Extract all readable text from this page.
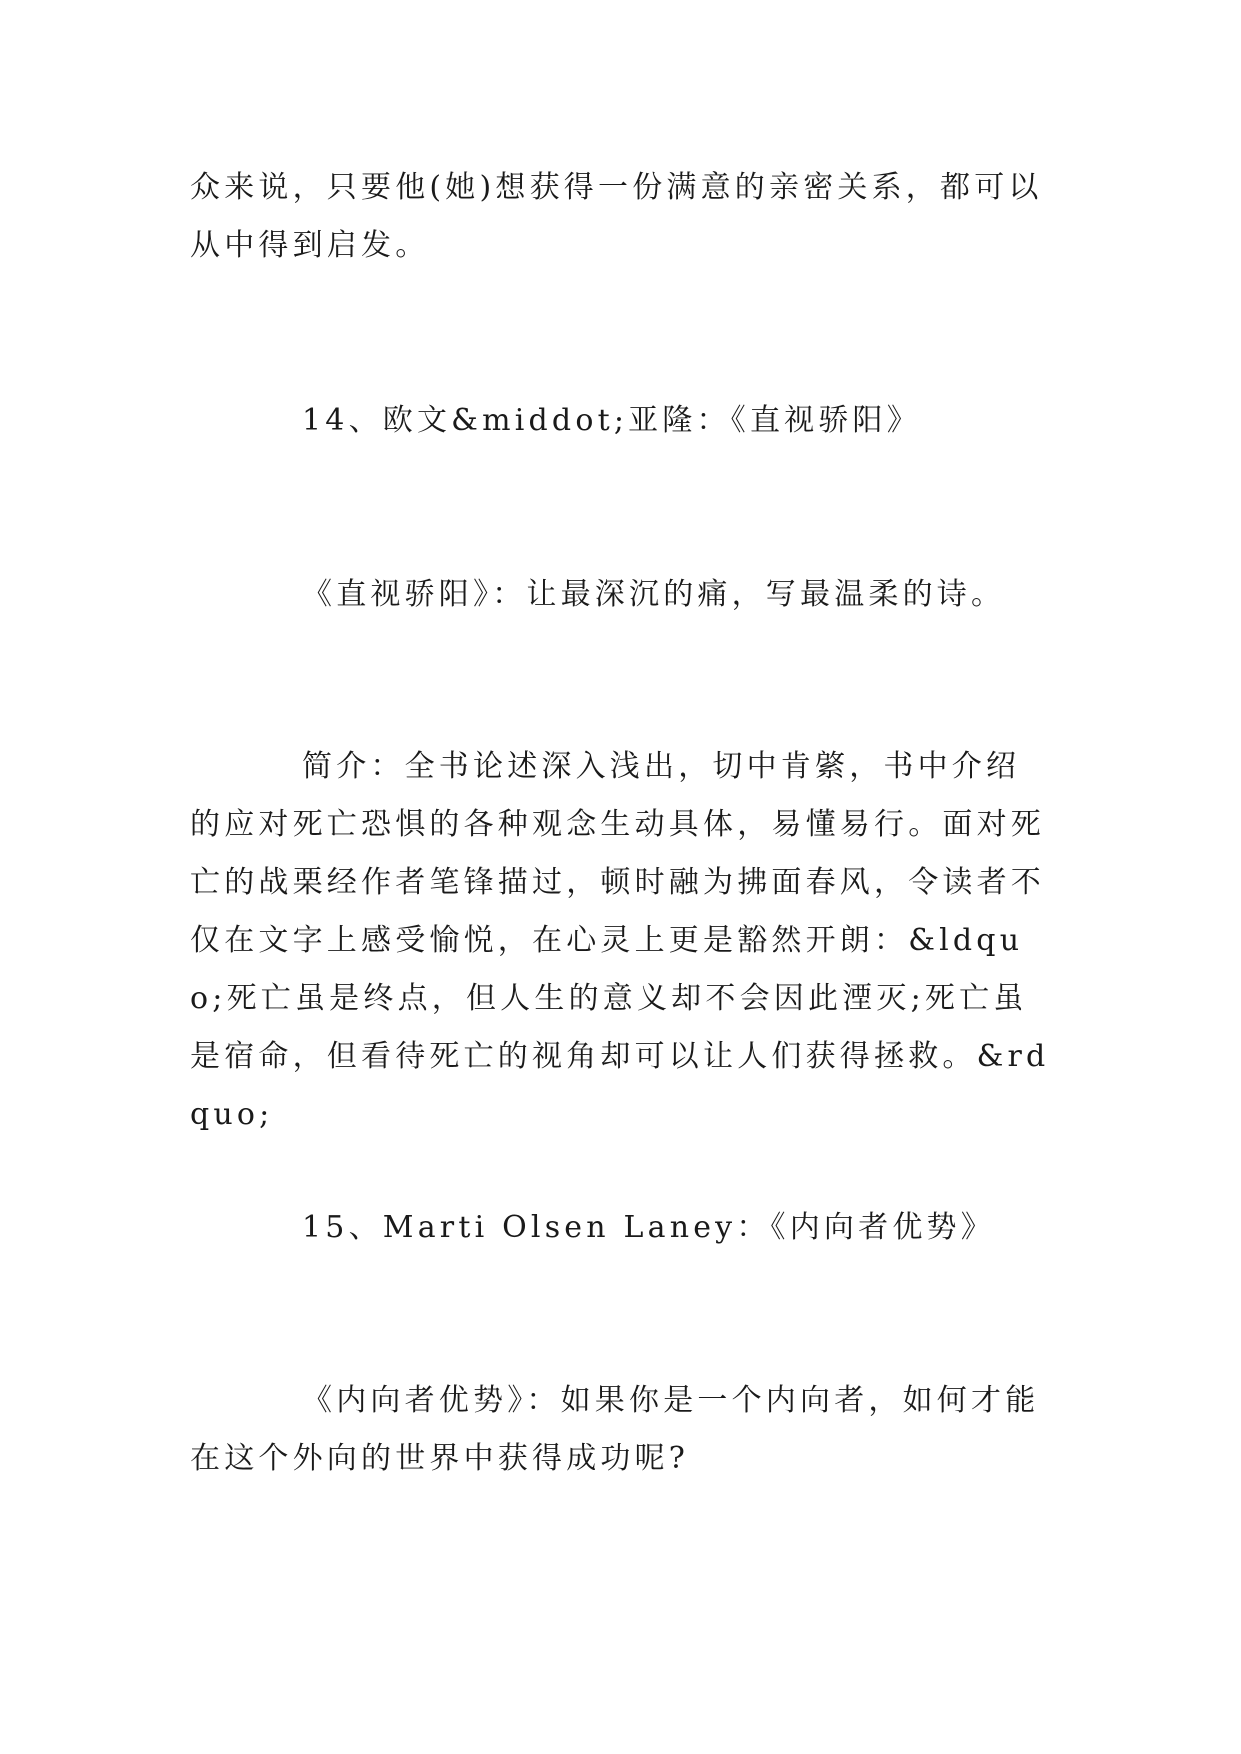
众来说，只要他(她)想获得一份满意的亲密关系，都可以从中得到启发。

14、欧文&middot;亚隆：《直视骄阳》

《直视骄阳》：让最深沉的痛，写最温柔的诗。

简介：全书论述深入浅出，切中肯綮，书中介绍的应对死亡恐惧的各种观念生动具体，易懂易行。面对死亡的战栗经作者笔锋描过，顿时融为拂面春风，令读者不仅在文字上感受愉悦，在心灵上更是豁然开朗：&ldquo;死亡虽是终点，但人生的意义却不会因此湮灭;死亡虽是宿命，但看待死亡的视角却可以让人们获得拯救。&rdquo;

15、Marti Olsen Laney：《内向者优势》

《内向者优势》：如果你是一个内向者，如何才能在这个外向的世界中获得成功呢?
